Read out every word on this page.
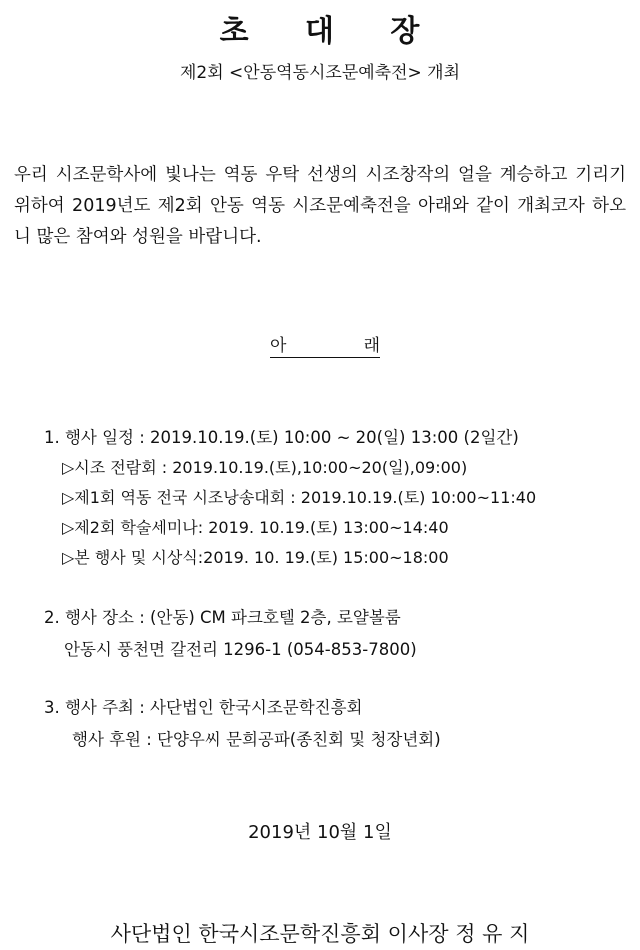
초 대 장
제2회 <안동역동시조문예축전> 개최
우리 시조문학사에 빛나는 역동 우탁 선생의 시조창작의 얼을 계승하고 기리기 위하여 2019년도 제2회 안동 역동 시조문예축전을 아래와 같이 개최코자 하오니 많은 참여와 성원을 바랍니다.
아	래
1. 행사 일정 : 2019.10.19.(토) 10:00 ~ 20(일) 13:00 (2일간)
▷시조 전람회 : 2019.10.19.(토),10:00~20(일),09:00)
▷제1회 역동 전국 시조낭송대회 : 2019.10.19.(토) 10:00~11:40
▷제2회 학술세미나: 2019. 10.19.(토) 13:00~14:40
▷본 행사 및 시상식:2019. 10. 19.(토) 15:00~18:00
2. 행사 장소 : (안동) CM 파크호텔 2층, 로얄볼룸
안동시 풍천면 갈전리 1296-1 (054-853-7800)
3. 행사 주최 : 사단법인 한국시조문학진흥회
행사 후원 : 단양우씨 문희공파(종친회 및 청장년회)
2019년 10월 1일
사단법인 한국시조문학진흥회 이사장 정 유 지
